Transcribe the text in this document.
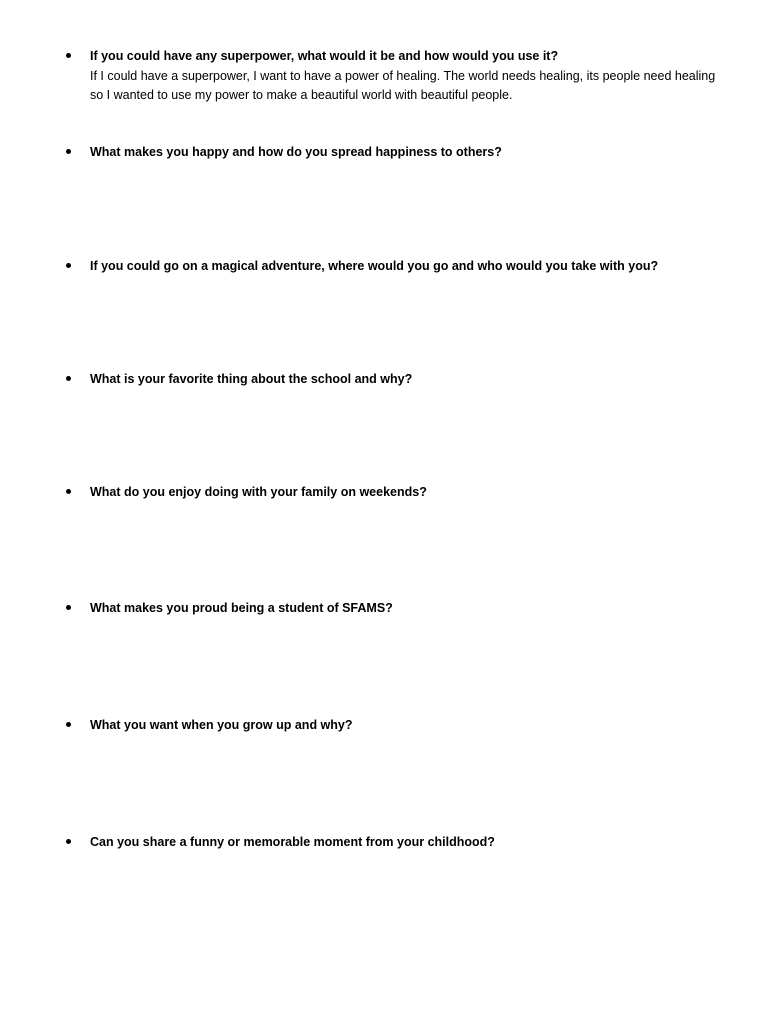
If you could have any superpower, what would it be and how would you use it?
If I could have a superpower, I want to have a power of healing. The world needs healing, its people need healing so I wanted to use my power to make a beautiful world with beautiful people.
What makes you happy and how do you spread happiness to others?
If you could go on a magical adventure, where would you go and who would you take with you?
What is your favorite thing about the school and why?
What do you enjoy doing with your family on weekends?
What makes you proud being a student of SFAMS?
What you want when you grow up and why?
Can you share a funny or memorable moment from your childhood?
